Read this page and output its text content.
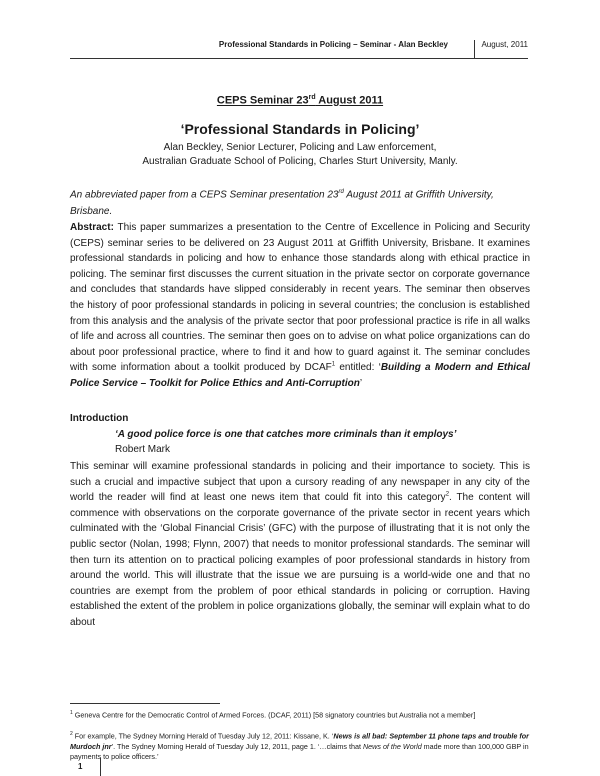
Professional Standards in Policing – Seminar - Alan Beckley	August, 2011
CEPS Seminar 23rd August 2011
‘Professional Standards in Policing’
Alan Beckley, Senior Lecturer, Policing and Law enforcement,
Australian Graduate School of Policing, Charles Sturt University, Manly.
An abbreviated paper from a CEPS Seminar presentation 23rd August 2011 at Griffith University, Brisbane.
Abstract: This paper summarizes a presentation to the Centre of Excellence in Policing and Security (CEPS) seminar series to be delivered on 23 August 2011 at Griffith University, Brisbane. It examines professional standards in policing and how to enhance those standards along with ethical practice in policing. The seminar first discusses the current situation in the private sector on corporate governance and concludes that standards have slipped considerably in recent years. The seminar then observes the history of poor professional standards in policing in several countries; the conclusion is established from this analysis and the analysis of the private sector that poor professional practice is rife in all walks of life and across all countries. The seminar then goes on to advise on what police organizations can do about poor professional practice, where to find it and how to guard against it. The seminar concludes with some information about a toolkit produced by DCAF$^1$ entitled: ‘Building a Modern and Ethical Police Service – Toolkit for Police Ethics and Anti-Corruption’
Introduction
‘A good police force is one that catches more criminals than it employs’
Robert Mark
This seminar will examine professional standards in policing and their importance to society. This is such a crucial and impactive subject that upon a cursory reading of any newspaper in any city of the world the reader will find at least one news item that could fit into this category$^2$. The content will commence with observations on the corporate governance of the private sector in recent years which culminated with the ‘Global Financial Crisis’ (GFC) with the purpose of illustrating that it is not only the public sector (Nolan, 1998; Flynn, 2007) that needs to monitor professional standards. The seminar will then turn its attention on to practical policing examples of poor professional standards in history from around the world. This will illustrate that the issue we are pursuing is a world-wide one and that no countries are exempt from the problem of poor ethical standards in policing or corruption. Having established the extent of the problem in police organizations globally, the seminar will explain what to do about
$^1$ Geneva Centre for the Democratic Control of Armed Forces. (DCAF, 2011) [58 signatory countries but Australia not a member]
$^2$ For example, The Sydney Morning Herald of Tuesday July 12, 2011: Kissane, K. ‘News is all bad: September 11 phone taps and trouble for Murdoch jnr’. The Sydney Morning Herald of Tuesday July 12, 2011, page 1. ‘…claims that News of the World made more than 100,000 GBP in payments to police officers.’
1
